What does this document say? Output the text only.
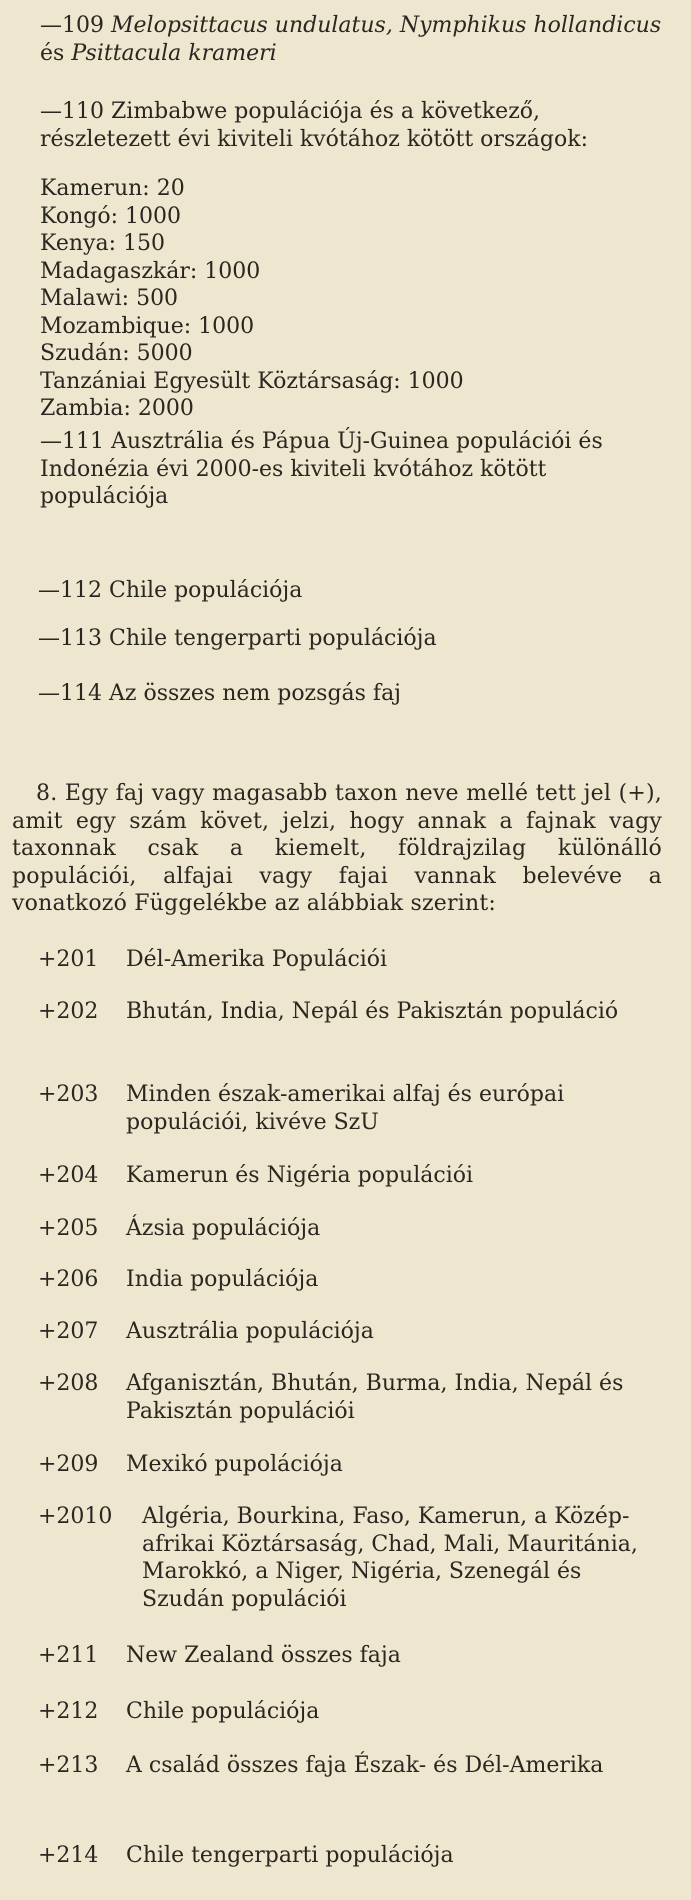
—109 Melopsittacus undulatus, Nymphikus hollandicus és Psittacula krameri
—110 Zimbabwe populációja és a következő, részletezett évi kiviteli kvótához kötött országok:
Kamerun: 20
Kongó: 1000
Kenya: 150
Madagaszkár: 1000
Malawi: 500
Mozambique: 1000
Szudán: 5000
Tanzániai Egyesült Köztársaság: 1000
Zambia: 2000
—111 Ausztrália és Pápua Új-Guinea populációi és Indonézia évi 2000-es kiviteli kvótához kötött populációja
—112 Chile populációja
—113 Chile tengerparti populációja
—114 Az összes nem pozsgás faj
8. Egy faj vagy magasabb taxon neve mellé tett jel (+), amit egy szám követ, jelzi, hogy annak a fajnak vagy taxonnak csak a kiemelt, földrajzilag különálló populációi, alfajai vagy fajai vannak belevéve a vonatkozó Függelékbe az alábbiak szerint:
+201 Dél-Amerika Populációi
+202 Bhután, India, Nepál és Pakisztán populáció
+203 Minden észak-amerikai alfaj és európai populációi, kivéve SzU
+204 Kamerun és Nigéria populációi
+205 Ázsia populációja
+206 India populációja
+207 Ausztrália populációja
+208 Afganisztán, Bhután, Burma, India, Nepál és Pakisztán populációi
+209 Mexikó pupolációja
+2010 Algéria, Bourkina, Faso, Kamerun, a Közép-afrikai Köztársaság, Chad, Mali, Mauritánia, Marokkó, a Niger, Nigéria, Szenegál és Szudán populációi
+211 New Zealand összes faja
+212 Chile populációja
+213 A család összes faja Észak- és Dél-Amerika
+214 Chile tengerparti populációja
